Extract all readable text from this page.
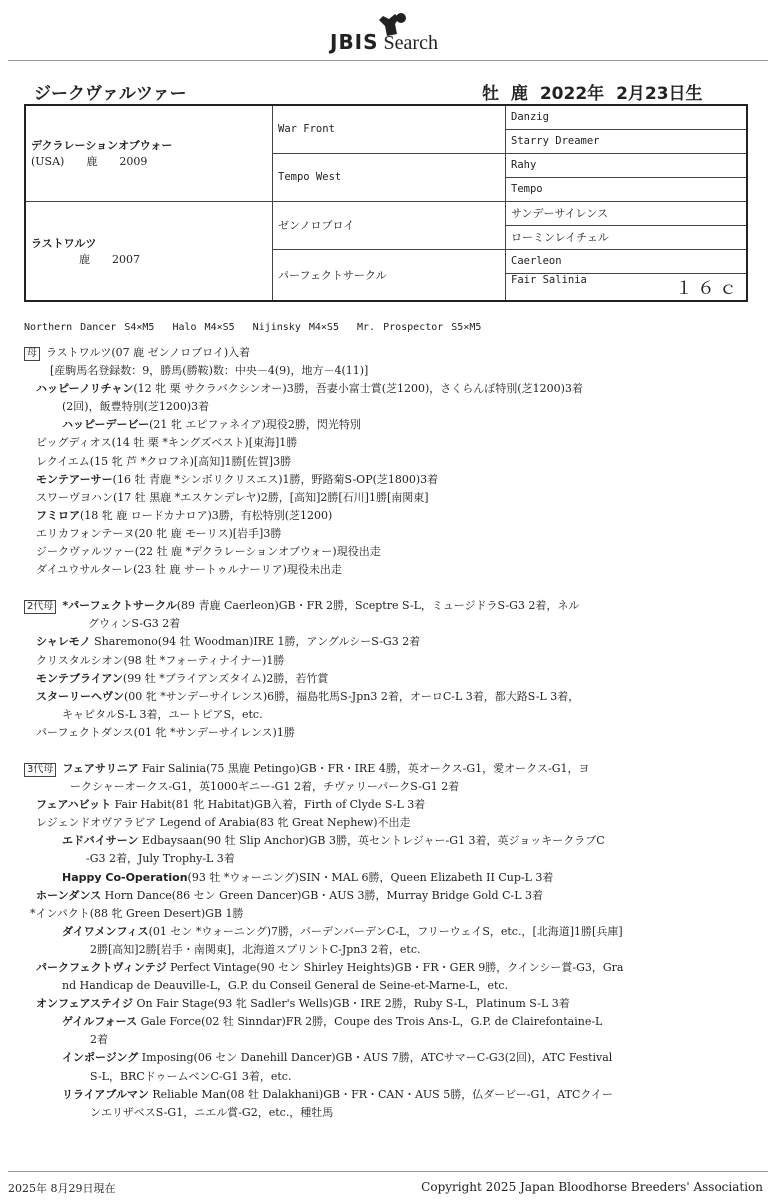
JBIS Search
ジークヴァルツァー	牡 鹿 2022年 2月23日生
デクラレーションオブウォー
(USA)　　鹿　　2009	War Front	Danzig
		Starry Dreamer
	Tempo West	Rahy
		Tempo

ラストワルツ
鹿　　2007	ゼンノロブロイ	サンデーサイレンス
		ローミンレイチェル
	パーフェクトサークル	Caerleon
		Fair Salinia １６ｃ
Northern Dancer S4×M5　 Halo M4×S5　 Nijinsky M4×S5　 Mr. Prospector S5×M5
母 ラストワルツ(07 鹿 ゼンノロブロイ)入着
[産駒馬名登録数：9，勝馬(勝鞍)数：中央－4(9)，地方－4(11)]
ハッピーノリチャン(12 牝 栗 サクラバクシンオー)3勝，吾妻小富士賞(芝1200)，さくらんぼ特別(芝1200)3着
(2回)，飯豊特別(芝1200)3着
ハッピーデービー(21 牝 エピファネイア)現役2勝，閃光特別
ビッグディオス(14 牡 栗 *キングズベスト)[東海]1勝
レクイエム(15 牝 芦 *クロフネ)[高知]1勝[佐賀]3勝
モンテアーサー(16 牡 青鹿 *シンボリクリスエス)1勝，野路菊S-OP(芝1800)3着
スワーヴヨハン(17 牡 黒鹿 *エスケンデレヤ)2勝，[高知]2勝[石川]1勝[南関東]
フミロア(18 牝 鹿 ロードカナロア)3勝，有松特別(芝1200)
エリカフォンテーヌ(20 牝 鹿 モーリス)[岩手]3勝
ジークヴァルツァー(22 牡 鹿 *デクラレーションオブウォー)現役出走
ダイユウサルターレ(23 牡 鹿 サートゥルナーリア)現役未出走
2代母 *パーフェクトサークル(89 青鹿 Caerleon)GB・FR 2勝，Sceptre S-L，ミュージドラS-G3 2着，ネル
グウィンS-G3 2着
シャレモノ Sharemono(94 牡 Woodman)IRE 1勝，アングルシーS-G3 2着
クリスタルシオン(98 牡 *フォーティナイナー)1勝
モンテブライアン(99 牡 *ブライアンズタイム)2勝，若竹賞
スターリーヘヴン(00 牝 *サンデーサイレンス)6勝，福島牝馬S-Jpn3 2着，オーロC-L 3着，都大路S-L 3着，
キャピタルS-L 3着，ユートピアS，etc.
パーフェクトダンス(01 牝 *サンデーサイレンス)1勝
3代母 フェアサリニア Fair Salinia(75 黒鹿 Petingo)GB・FR・IRE 4勝，英オークス-G1，愛オークス-G1，ヨ
ークシャーオークス-G1，英1000ギニー-G1 2着，チヴァリーパークS-G1 2着
フェアハビット Fair Habit(81 牝 Habitat)GB入着，Firth of Clyde S-L 3着
レジェンドオヴアラビア Legend of Arabia(83 牝 Great Nephew)不出走
エドバイサーン Edbaysaan(90 牡 Slip Anchor)GB 3勝，英セントレジャー-G1 3着，英ジョッキークラブC
-G3 2着，July Trophy-L 3着
Happy Co-Operation(93 牡 *ウォーニング)SIN・MAL 6勝，Queen Elizabeth II Cup-L 3着
ホーンダンス Horn Dance(86 セン Green Dancer)GB・AUS 3勝，Murray Bridge Gold C-L 3着
*インパクト(88 牝 Green Desert)GB 1勝
ダイワメンフィス(01 セン *ウォーニング)7勝，バーデンバーデンC-L，フリーウェイS，etc.，[北海道]1勝[兵庫]
2勝[高知]2勝[岩手・南関東]，北海道スプリントC-Jpn3 2着，etc.
パークフェクトヴィンテジ Perfect Vintage(90 セン Shirley Heights)GB・FR・GER 9勝，クインシー賞-G3，Gra
nd Handicap de Deauville-L，G.P. du Conseil General de Seine-et-Marne-L，etc.
オンフェアステイジ On Fair Stage(93 牝 Sadler's Wells)GB・IRE 2勝，Ruby S-L，Platinum S-L 3着
ゲイルフォース Gale Force(02 牡 Sinndar)FR 2勝，Coupe des Trois Ans-L，G.P. de Clairefontaine-L
2着
インポージング Imposing(06 セン Danehill Dancer)GB・AUS 7勝，ATCサマーC-G3(2回)，ATC Festival
S-L，BRCドゥームベンC-G1 3着，etc.
リライアブルマン Reliable Man(08 牡 Dalakhani)GB・FR・CAN・AUS 5勝，仏ダービー-G1，ATCクイー
ンエリザベスS-G1，ニエル賞-G2，etc.，種牡馬
2025年 8月29日現在	Copyright 2025 Japan Bloodhorse Breeders' Association
